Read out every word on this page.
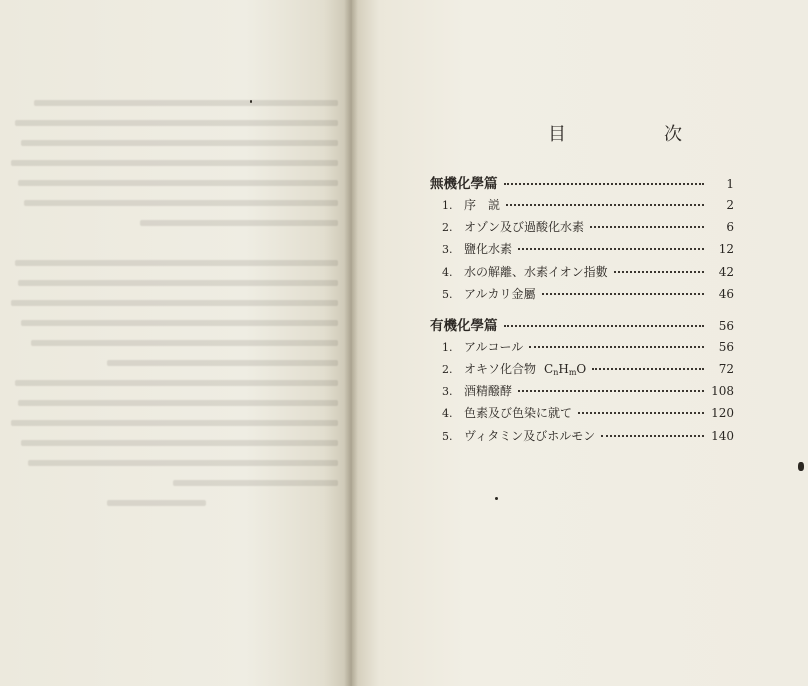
目　次
無機化學篇	1
1. 序　説	2
2. オゾン及び過酸化水素	6
3. 鹽化水素	12
4. 水の解離、水素イオン指數	42
5. アルカリ金屬	46
有機化學篇	56
1. アルコール	56
2. オキソ化合物 $C_nH_mO$	72
3. 酒精醱酵	108
4. 色素及び色染に就て	120
5. ヴィタミン及びホルモン	140
